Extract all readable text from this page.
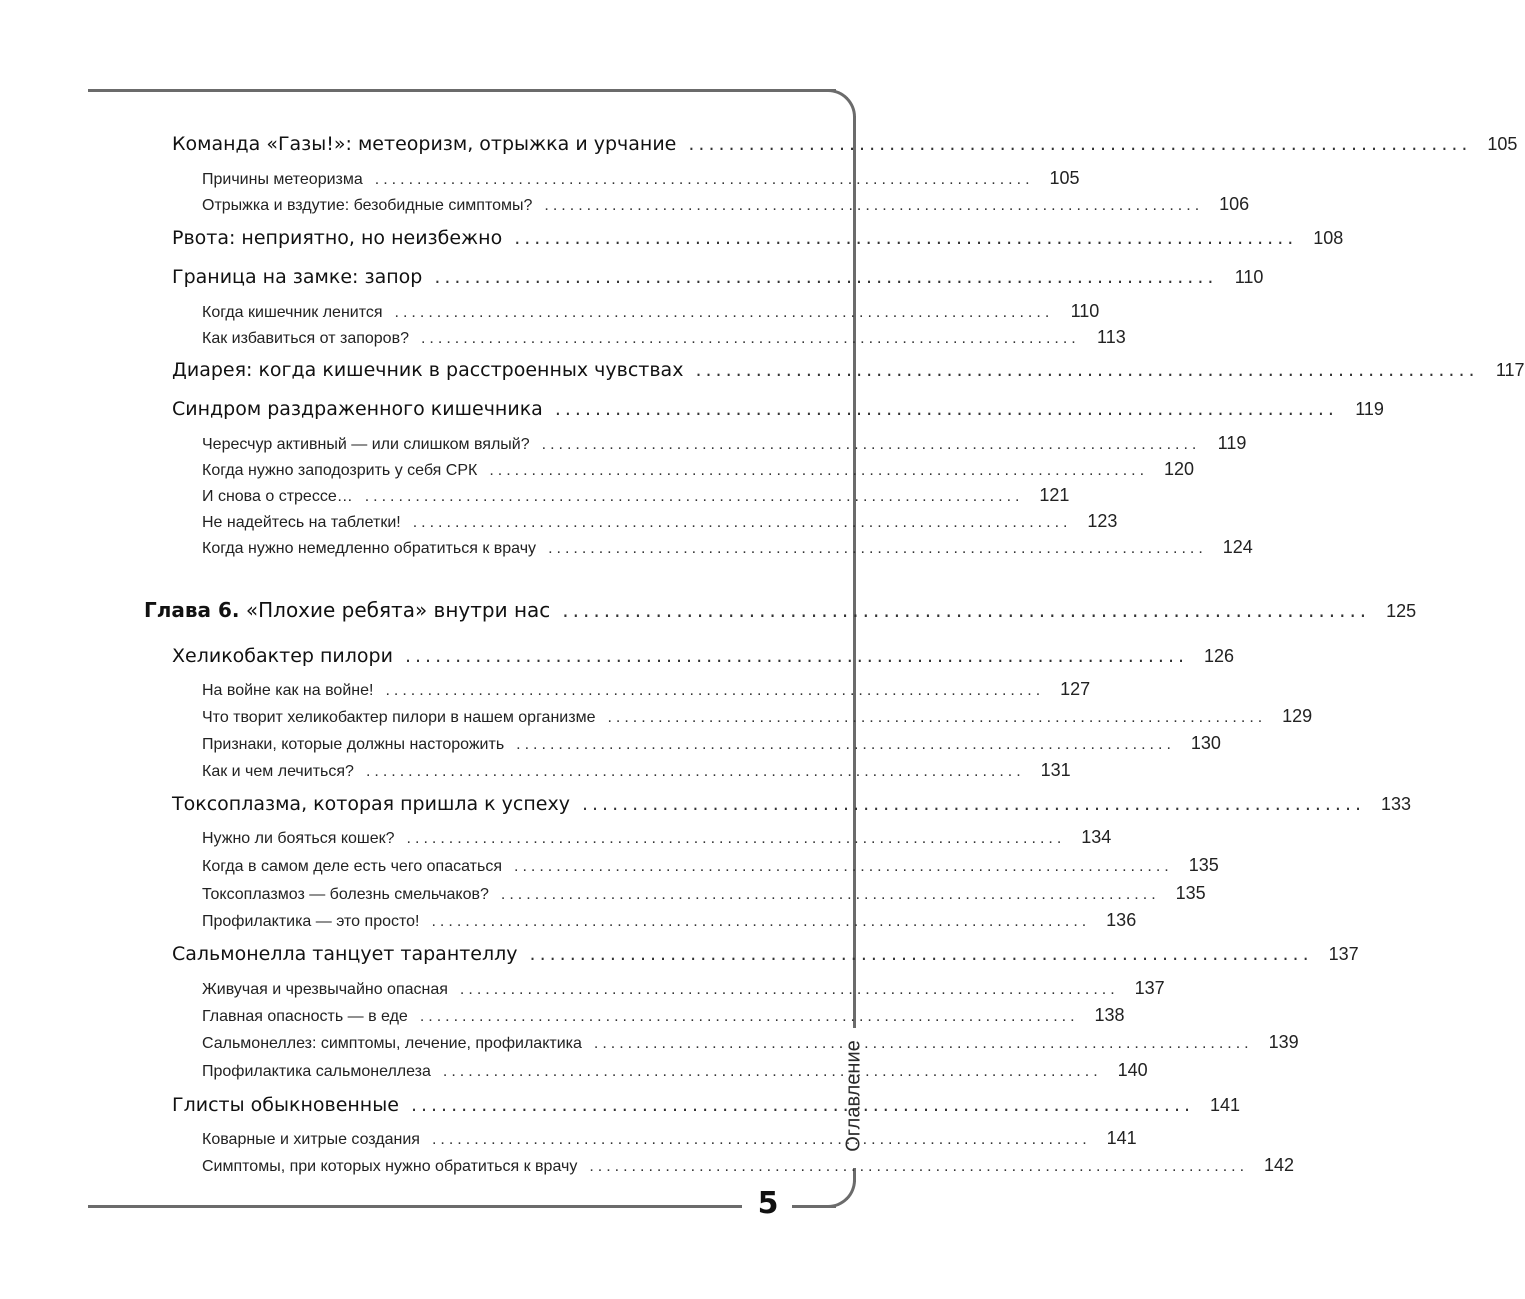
Оглавление
5
Команда «Газы!»: метеоризм, отрыжка и урчание .............................................................................. 105
Причины метеоризма .............................................................................. 105
Отрыжка и вздутие: безобидные симптомы? .............................................................................. 106
Рвота: неприятно, но неизбежно .............................................................................. 108
Граница на замке: запор .............................................................................. 110
Когда кишечник ленится .............................................................................. 110
Как избавиться от запоров? .............................................................................. 113
Диарея: когда кишечник в расстроенных чувствах .............................................................................. 117
Синдром раздраженного кишечника .............................................................................. 119
Чересчур активный — или слишком вялый? .............................................................................. 119
Когда нужно заподозрить у себя СРК .............................................................................. 120
И снова о стрессе… .............................................................................. 121
Не надейтесь на таблетки! .............................................................................. 123
Когда нужно немедленно обратиться к врачу .............................................................................. 124
Глава 6. «Плохие ребята» внутри нас .............................................................................. 125
Хеликобактер пилори .............................................................................. 126
На войне как на войне! .............................................................................. 127
Что творит хеликобактер пилори в нашем организме .............................................................................. 129
Признаки, которые должны насторожить .............................................................................. 130
Как и чем лечиться? .............................................................................. 131
Токсоплазма, которая пришла к успеху .............................................................................. 133
Нужно ли бояться кошек? .............................................................................. 134
Когда в самом деле есть чего опасаться .............................................................................. 135
Токсоплазмоз — болезнь смельчаков? .............................................................................. 135
Профилактика — это просто! .............................................................................. 136
Сальмонелла танцует тарантеллу .............................................................................. 137
Живучая и чрезвычайно опасная .............................................................................. 137
Главная опасность — в еде .............................................................................. 138
Сальмонеллез: симптомы, лечение, профилактика .............................................................................. 139
Профилактика сальмонеллеза .............................................................................. 140
Глисты обыкновенные .............................................................................. 141
Коварные и хитрые создания .............................................................................. 141
Симптомы, при которых нужно обратиться к врачу .............................................................................. 142
